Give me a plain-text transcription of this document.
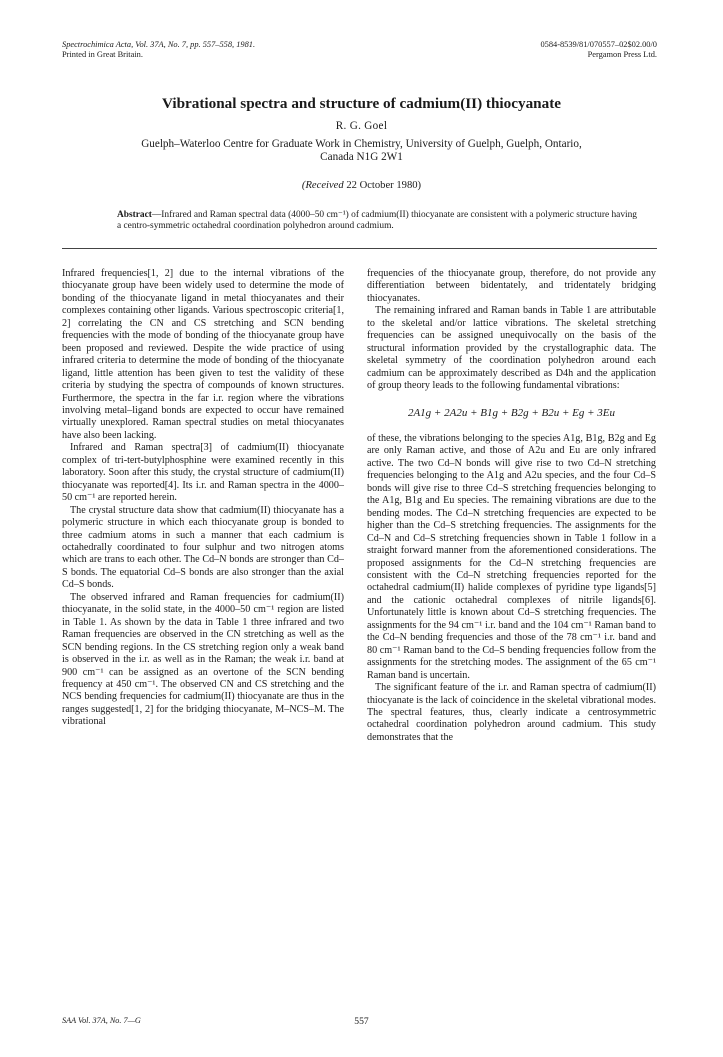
Spectrochimica Acta, Vol. 37A, No. 7, pp. 557–558, 1981.
Printed in Great Britain.
0584-8539/81/070557–02$02.00/0
Pergamon Press Ltd.
Vibrational spectra and structure of cadmium(II) thiocyanate
R. G. Goel
Guelph–Waterloo Centre for Graduate Work in Chemistry, University of Guelph, Guelph, Ontario,
Canada N1G 2W1
(Received 22 October 1980)
Abstract—Infrared and Raman spectral data (4000–50 cm⁻¹) of cadmium(II) thiocyanate are consistent with a polymeric structure having a centro-symmetric octahedral coordination polyhedron around cadmium.

Infrared frequencies[1, 2] due to the internal vibrations of the thiocyanate group have been widely used to determine the mode of bonding of the thiocyanate ligand in metal thiocyanates and their complexes containing other ligands. Various spectroscopic criteria[1, 2] correlating the CN and CS stretching and SCN bending frequencies with the mode of bonding of the thiocyanate group have been proposed and reviewed. Despite the wide practice of using infrared criteria to determine the mode of bonding of the thiocyanate ligand, little attention has been given to test the validity of these criteria by studying the spectra of compounds of known structures. Furthermore, the spectra in the far i.r. region where the vibrations involving metal–ligand bonds are expected to occur have remained virtually unexplored. Raman spectral studies on metal thiocyanates have also been lacking.

Infrared and Raman spectra[3] of cadmium(II) thiocyanate complex of tri-tert-butylphosphine were examined recently in this laboratory. Soon after this study, the crystal structure of cadmium(II) thiocyanate was reported[4]. Its i.r. and Raman spectra in the 4000–50 cm⁻¹ are reported herein.

The crystal structure data show that cadmium(II) thiocyanate has a polymeric structure in which each thiocyanate group is bonded to three cadmium atoms in such a manner that each cadmium is octahedrally coordinated to four sulphur and two nitrogen atoms which are trans to each other. The Cd–N bonds are stronger than Cd–S bonds. The equatorial Cd–S bonds are also stronger than the axial Cd–S bonds.

The observed infrared and Raman frequencies for cadmium(II) thiocyanate, in the solid state, in the 4000–50 cm⁻¹ region are listed in Table 1. As shown by the data in Table 1 three infrared and two Raman frequencies are observed in the CN stretching as well as the SCN bending regions. In the CS stretching region only a weak band is observed in the i.r. as well as in the Raman; the weak i.r. band at 900 cm⁻¹ can be assigned as an overtone of the SCN bending frequency at 450 cm⁻¹. The observed CN and CS stretching and the NCS bending frequencies for cadmium(II) thiocyanate are thus in the ranges suggested[1, 2] for the bridging thiocyanate, M–NCS–M. The vibrational

frequencies of the thiocyanate group, therefore, do not provide any differentiation between bidentately, and tridentately bridging thiocyanates.

The remaining infrared and Raman bands in Table 1 are attributable to the skeletal and/or lattice vibrations. The skeletal stretching frequencies can be assigned unequivocally on the basis of the structural information provided by the crystallographic data. The skeletal symmetry of the coordination polyhedron around each cadmium can be approximately described as D4h and the application of group theory leads to the following fundamental vibrations:

2A1g + 2A2u + B1g + B2g + B2u + Eg + 3Eu

of these, the vibrations belonging to the species A1g, B1g, B2g and Eg are only Raman active, and those of A2u and Eu are only infrared active. The two Cd–N bonds will give rise to two Cd–N stretching frequencies belonging to the A1g and A2u species, and the four Cd–S bonds will give rise to three Cd–S stretching frequencies belonging to the A1g, B1g and Eu species. The remaining vibrations are due to the bending modes. The Cd–N stretching frequencies are expected to be higher than the Cd–S stretching frequencies. The assignments for the Cd–N and Cd–S stretching frequencies shown in Table 1 follow in a straight forward manner from the aforementioned considerations. The proposed assignments for the Cd–N stretching frequencies are consistent with the Cd–N stretching frequencies reported for the octahedral cadmium(II) halide complexes of pyridine type ligands[5] and the cationic octahedral complexes of nitrile ligands[6]. Unfortunately little is known about Cd–S stretching frequencies. The assignments for the 94 cm⁻¹ i.r. band and the 104 cm⁻¹ Raman band to the Cd–N bending frequencies and those of the 78 cm⁻¹ i.r. band and 80 cm⁻¹ Raman band to the Cd–S bending frequencies follow from the assignments for the stretching modes. The assignment of the 65 cm⁻¹ Raman band is uncertain.

The significant feature of the i.r. and Raman spectra of cadmium(II) thiocyanate is the lack of coincidence in the skeletal vibrational modes. The spectral features, thus, clearly indicate a centrosymmetric octahedral coordination polyhedron around cadmium. This study demonstrates that the

SAA Vol. 37A, No. 7—G	557
